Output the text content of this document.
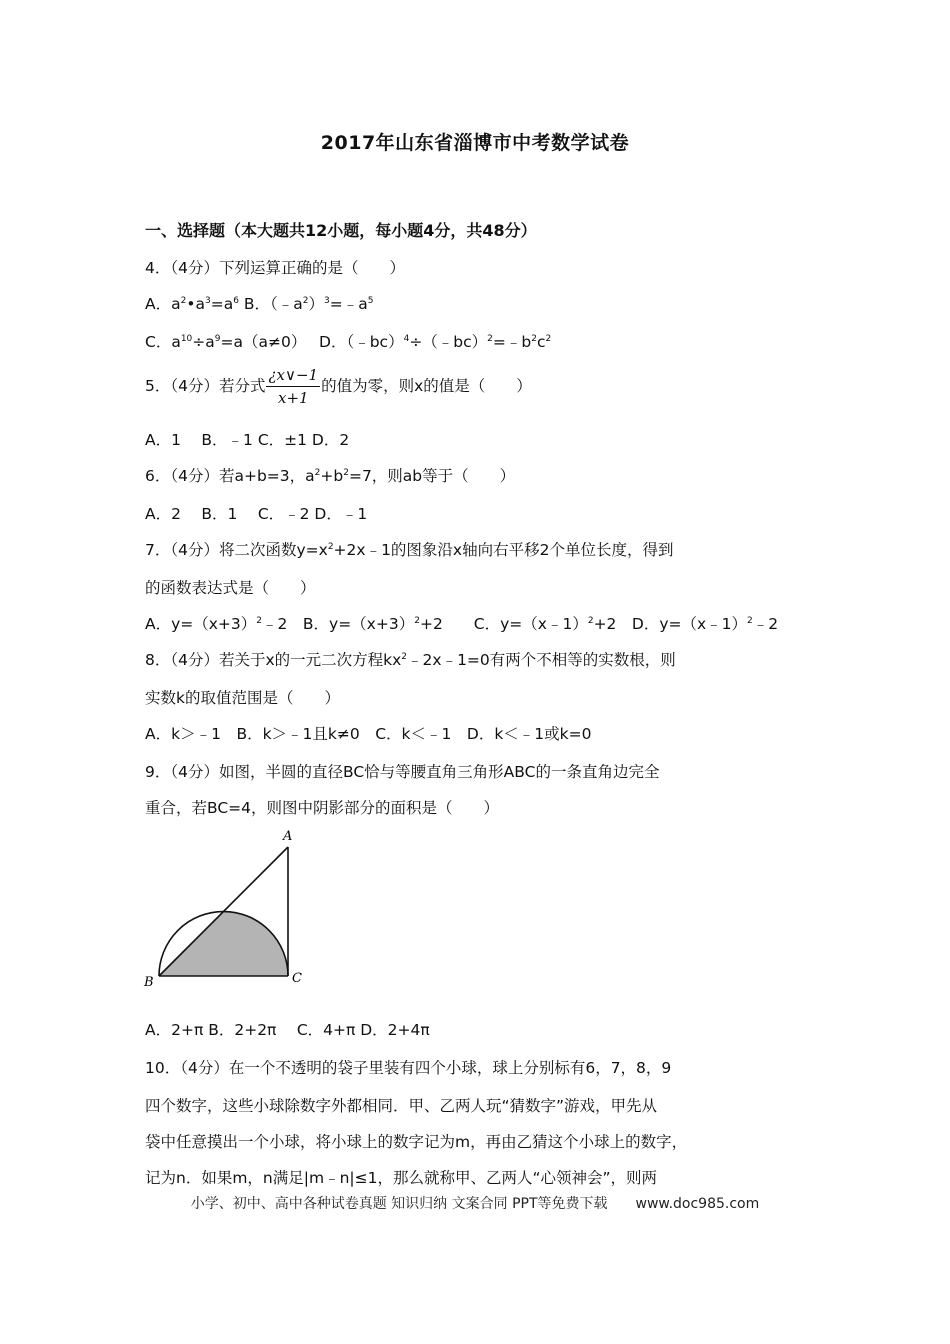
2017年山东省淄博市中考数学试卷
一、选择题（本大题共12小题，每小题4分，共48分）
4．（4分）下列运算正确的是（　　）
A．$a^2•a^3=a^6$ B．$(﹣a^2)^3=﹣a^5$
C．$a^{10}\div a^9=a(a\ne 0)$　 D．$(﹣bc)^4\div(﹣bc)^2=﹣b^2c^2$
5．（4分）若分式 $\frac{¿x\vee-1}{x+1}$ 的值为零，则x的值是（　　）
A．1　 B．﹣1 C．±1 D．2
6．（4分）若a+b=3，$a^2+b^2=7$，则ab等于（　　）
A．2　 B．1　 C．﹣2 D．﹣1
7．（4分）将二次函数$y=x^2+2x﹣1$的图象沿x轴向右平移2个单位长度，得到
的函数表达式是（　　）
A．$y=(x+3)^2﹣2$　B．$y=(x+3)^2+2$　　C．y=（x﹣1）$^2$+2　D．y=（x﹣1）$^2$﹣2
8．（4分）若关于x的一元二次方程$kx^2﹣2x﹣1=0$有两个不相等的实数根，则
实数k的取值范围是（　　）
A．k＞﹣1　B．k＞﹣1且k≠0　C．k＜﹣1　D．k＜﹣1或k=0
9．（4分）如图，半圆的直径BC恰与等腰直角三角形ABC的一条直角边完全
重合，若BC=4，则图中阴影部分的面积是（　　）
A
B	C
A．2+π B．2+2π　 C．4+π D．2+4π
10．（4分）在一个不透明的袋子里装有四个小球，球上分别标有6，7，8，9
四个数字，这些小球除数字外都相同．甲、乙两人玩“猜数字”游戏，甲先从
袋中任意摸出一个小球，将小球上的数字记为m，再由乙猜这个小球上的数字，
记为n．如果m，n满足|m﹣n|≤1，那么就称甲、乙两人“心领神会”，则两
小学、初中、高中各种试卷真题 知识归纳 文案合同 PPT等免费下载　　www.doc985.com
